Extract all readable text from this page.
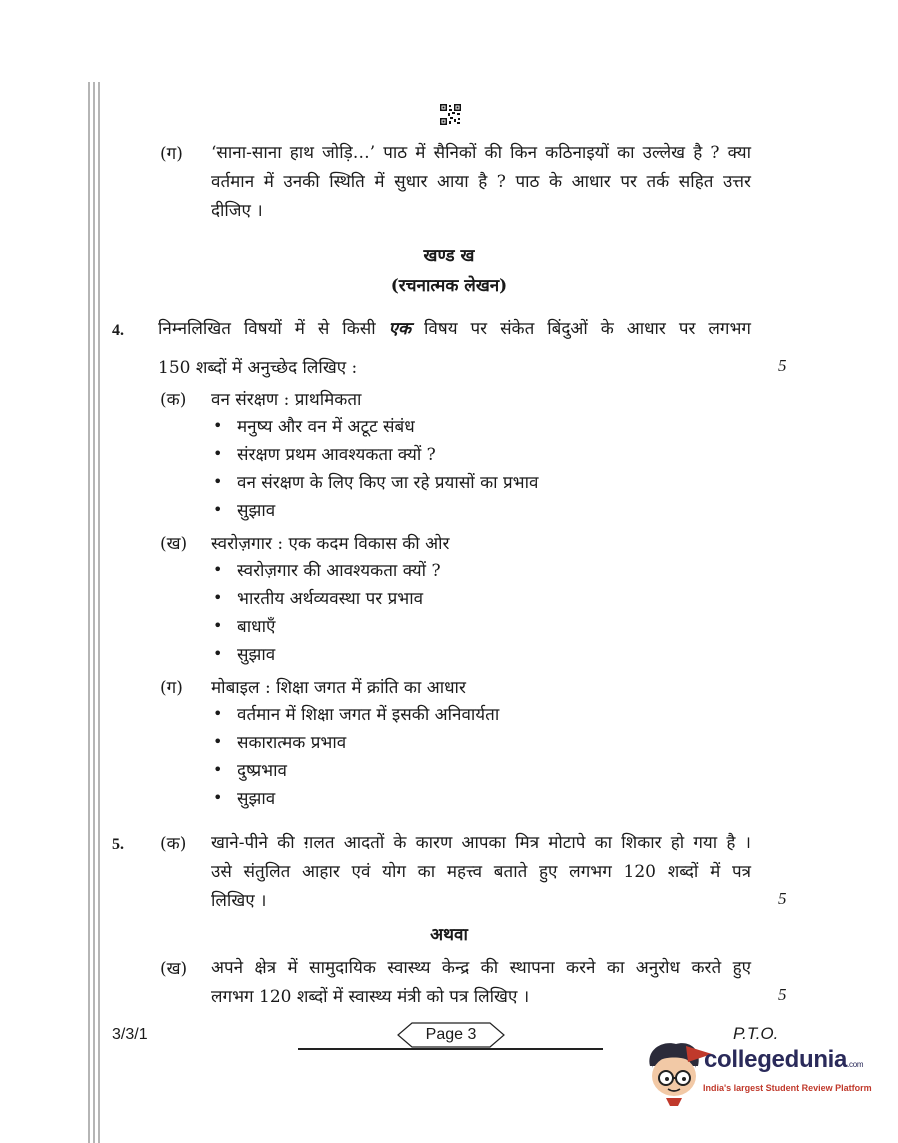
(ग) ‘साना-साना हाथ जोड़ि…’ पाठ में सैनिकों की किन कठिनाइयों का उल्लेख है ? क्या
वर्तमान में उनकी स्थिति में सुधार आया है ? पाठ के आधार पर तर्क सहित उत्तर
दीजिए ।
खण्ड ख
(रचनात्मक लेखन)
4. निम्नलिखित विषयों में से किसी एक विषय पर संकेत बिंदुओं के आधार पर लगभग
150 शब्दों में अनुच्छेद लिखिए :	5
(क) वन संरक्षण : प्राथमिकता
• मनुष्य और वन में अटूट संबंध
• संरक्षण प्रथम आवश्यकता क्यों ?
• वन संरक्षण के लिए किए जा रहे प्रयासों का प्रभाव
• सुझाव
(ख) स्वरोज़गार : एक कदम विकास की ओर
• स्वरोज़गार की आवश्यकता क्यों ?
• भारतीय अर्थव्यवस्था पर प्रभाव
• बाधाएँ
• सुझाव
(ग) मोबाइल : शिक्षा जगत में क्रांति का आधार
• वर्तमान में शिक्षा जगत में इसकी अनिवार्यता
• सकारात्मक प्रभाव
• दुष्प्रभाव
• सुझाव
5. (क) खाने-पीने की ग़लत आदतों के कारण आपका मित्र मोटापे का शिकार हो गया है ।
उसे संतुलित आहार एवं योग का महत्त्व बताते हुए लगभग 120 शब्दों में पत्र
लिखिए ।	5
अथवा
(ख) अपने क्षेत्र में सामुदायिक स्वास्थ्य केन्द्र की स्थापना करने का अनुरोध करते हुए
लगभग 120 शब्दों में स्वास्थ्य मंत्री को पत्र लिखिए ।	5
3/3/1	Page 3	P.T.O.
collegedunia.com
India's largest Student Review Platform
